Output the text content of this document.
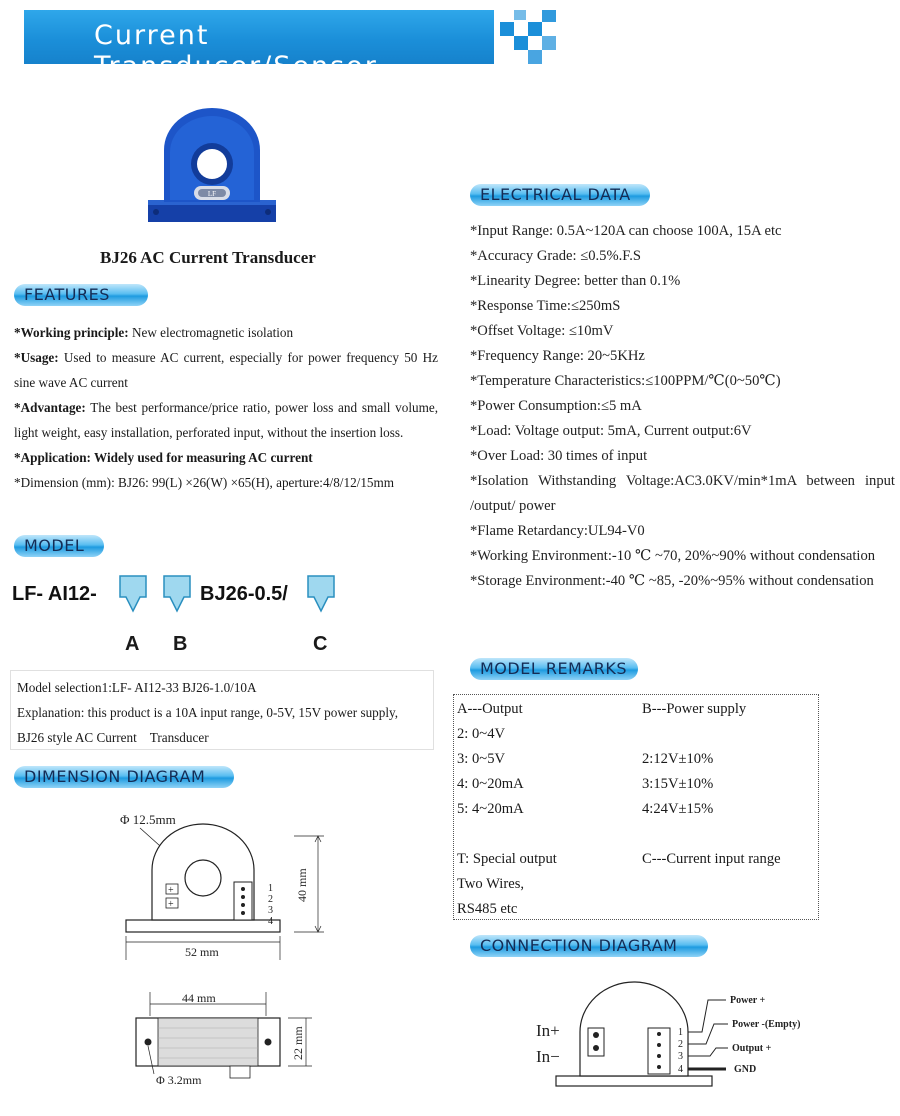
Current Transducer/Sensor
LF
BJ26 AC Current Transducer
FEATURES

*Working principle: New electromagnetic isolation

*Usage: Used to measure AC current, especially for power frequency 50 Hz sine wave AC current

*Advantage: The best performance/price ratio, power loss and small volume, light weight, easy installation, perforated input, without the insertion loss.

*Application: Widely used for measuring AC current

*Dimension (mm): BJ26: 99(L) ×26(W) ×65(H), aperture:4/8/12/15mm

MODEL
LF- AI12-	BJ26-0.5/
A B	C
Model selection1:LF- AI12-33 BJ26-1.0/10A
Explanation: this product is a 10A input range, 0-5V, 15V power supply,
BJ26 style AC Current    Transducer
DIMENSION DIAGRAM
Φ 12.5mm
+
+
1
2
3
4
40 mm
52 mm
44 mm
22 mm
Φ 3.2mm
ELECTRICAL DATA

*Input Range: 0.5A~120A can choose 100A, 15A etc

*Accuracy Grade: ≤0.5%.F.S

*Linearity Degree: better than 0.1%

*Response Time:≤250mS

*Offset Voltage: ≤10mV

*Frequency Range: 20~5KHz

*Temperature Characteristics:≤100PPM/℃(0~50℃)

*Power Consumption:≤5 mA

*Load: Voltage output: 5mA, Current output:6V

*Over Load: 30 times of input

*Isolation Withstanding Voltage:AC3.0KV/min*1mA between input /output/ power

*Flame Retardancy:UL94-V0

*Working Environment:-10 ℃ ~70, 20%~90% without condensation

*Storage Environment:-40 ℃ ~85, -20%~95% without condensation

MODEL REMARKS
A---Output	B---Power supply
2: 0~4V
3: 0~5V	2:12V±10%
4: 0~20mA	3:15V±10%
5: 4~20mA	4:24V±15%
T: Special output	C---Current input range
Two Wires,
RS485 etc
CONNECTION DIAGRAM
In+
In−
1
2
3
4
Power +
Power -(Empty)
Output +
GND
